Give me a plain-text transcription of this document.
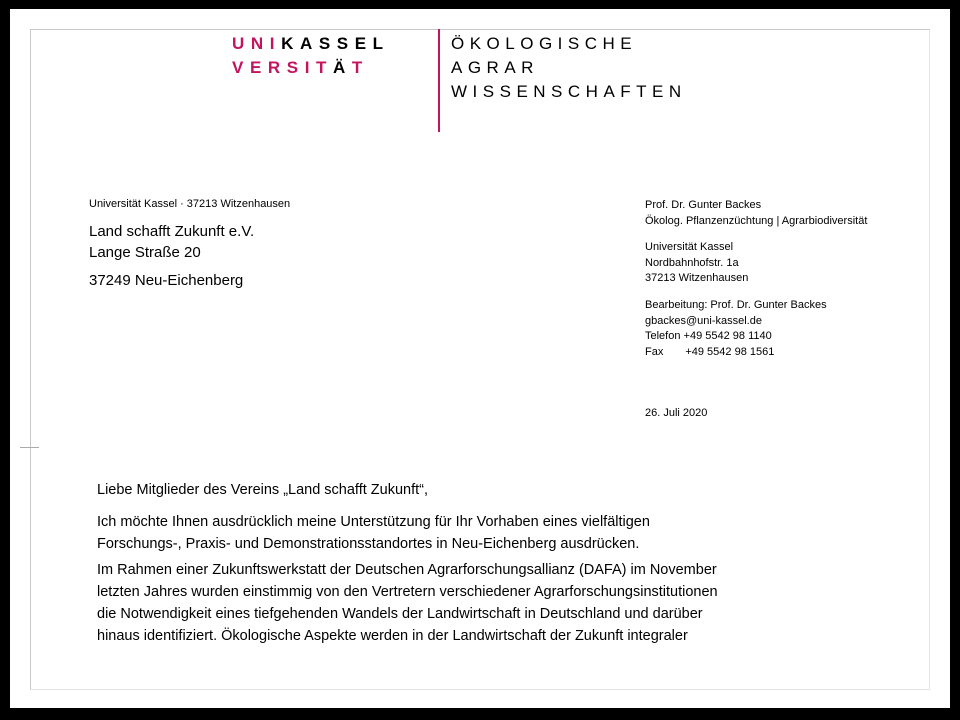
UNIKASSEL
VERSITÄT
ÖKOLOGISCHE
AGRAR
WISSENSCHAFTEN
Universität Kassel · 37213 Witzenhausen
Land schafft Zukunft e.V.
Lange Straße 20
37249 Neu-Eichenberg
Prof. Dr. Gunter Backes
Ökolog. Pflanzenzüchtung | Agrarbiodiversität
Universität Kassel
Nordbahnhofstr. 1a
37213 Witzenhausen
Bearbeitung: Prof. Dr. Gunter Backes
gbackes@uni-kassel.de
Telefon +49 5542 98 1140
Fax +49 5542 98 1561
26. Juli 2020

Liebe Mitglieder des Vereins „Land schafft Zukunft“,

Ich möchte Ihnen ausdrücklich meine Unterstützung für Ihr Vorhaben eines vielfältigen

Forschungs-, Praxis- und Demonstrationsstandortes in Neu-Eichenberg ausdrücken.

Im Rahmen einer Zukunftswerkstatt der Deutschen Agrarforschungsallianz (DAFA) im November

letzten Jahres wurden einstimmig von den Vertretern verschiedener Agrarforschungsinstitutionen

die Notwendigkeit eines tiefgehenden Wandels der Landwirtschaft in Deutschland und darüber

hinaus identifiziert. Ökologische Aspekte werden in der Landwirtschaft der Zukunft integraler
